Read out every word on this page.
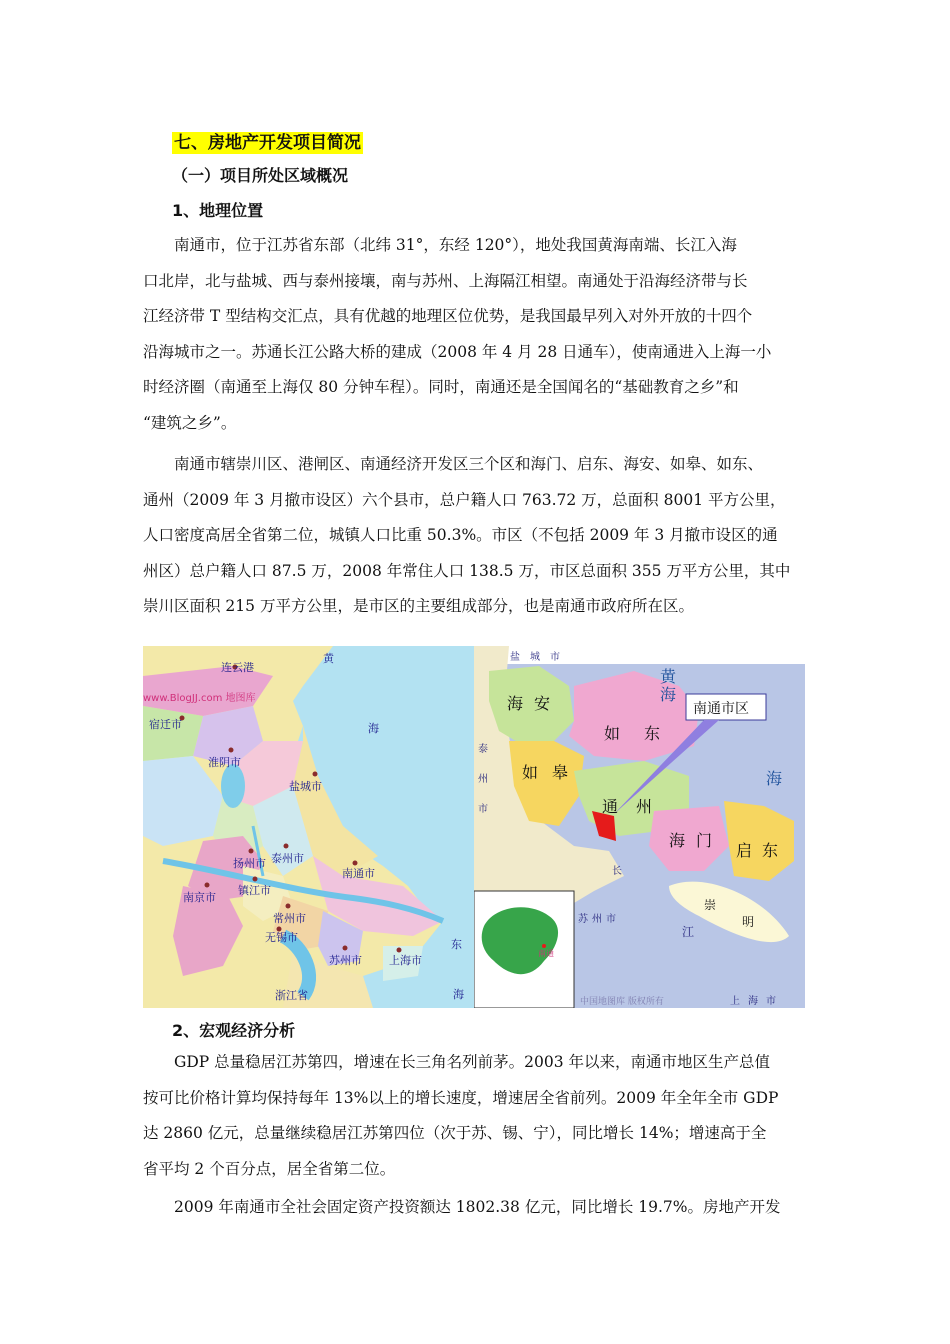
七、房地产开发项目简况
（一）项目所处区域概况
1、地理位置
南通市，位于江苏省东部（北纬 31°，东经 120°），地处我国黄海南端、长江入海
口北岸，北与盐城、西与泰州接壤，南与苏州、上海隔江相望。南通处于沿海经济带与长
江经济带 T 型结构交汇点，具有优越的地理区位优势，是我国最早列入对外开放的十四个
沿海城市之一。苏通长江公路大桥的建成（2008 年 4 月 28 日通车），使南通进入上海一小
时经济圈（南通至上海仅 80 分钟车程）。同时，南通还是全国闻名的“基础教育之乡”和
“建筑之乡”。
南通市辖崇川区、港闸区、南通经济开发区三个区和海门、启东、海安、如皋、如东、
通州（2009 年 3 月撤市设区）六个县市，总户籍人口 763.72 万，总面积 8001 平方公里，
人口密度高居全省第二位，城镇人口比重 50.3%。市区（不包括 2009 年 3 月撤市设区的通
州区）总户籍人口 87.5 万，2008 年常住人口 138.5 万，市区总面积 355 万平方公里，其中
崇川区面积 215 万平方公里，是市区的主要组成部分，也是南通市政府所在区。
连云港
宿迁市
淮阴市
盐城市
扬州市 泰州市
镇江市
南京市
常州市
无锡市
南通市
苏州市 上海市
浙江省
黄
海
东
海
www.BlogJJ.com 地图库
南通
中国地图库 版权所有
海 安
如 东
如 皋
通 州
海 门
启 东
崇
明
江
盐 城 市
泰
州
市
苏 州 市
上 海 市
长
黄
海
海
南通市区
2、宏观经济分析
GDP 总量稳居江苏第四，增速在长三角名列前茅。2003 年以来，南通市地区生产总值
按可比价格计算均保持每年 13%以上的增长速度，增速居全省前列。2009 年全年全市 GDP
达 2860 亿元，总量继续稳居江苏第四位（次于苏、锡、宁），同比增长 14%；增速高于全
省平均 2 个百分点，居全省第二位。
2009 年南通市全社会固定资产投资额达 1802.38 亿元，同比增长 19.7%。房地产开发
